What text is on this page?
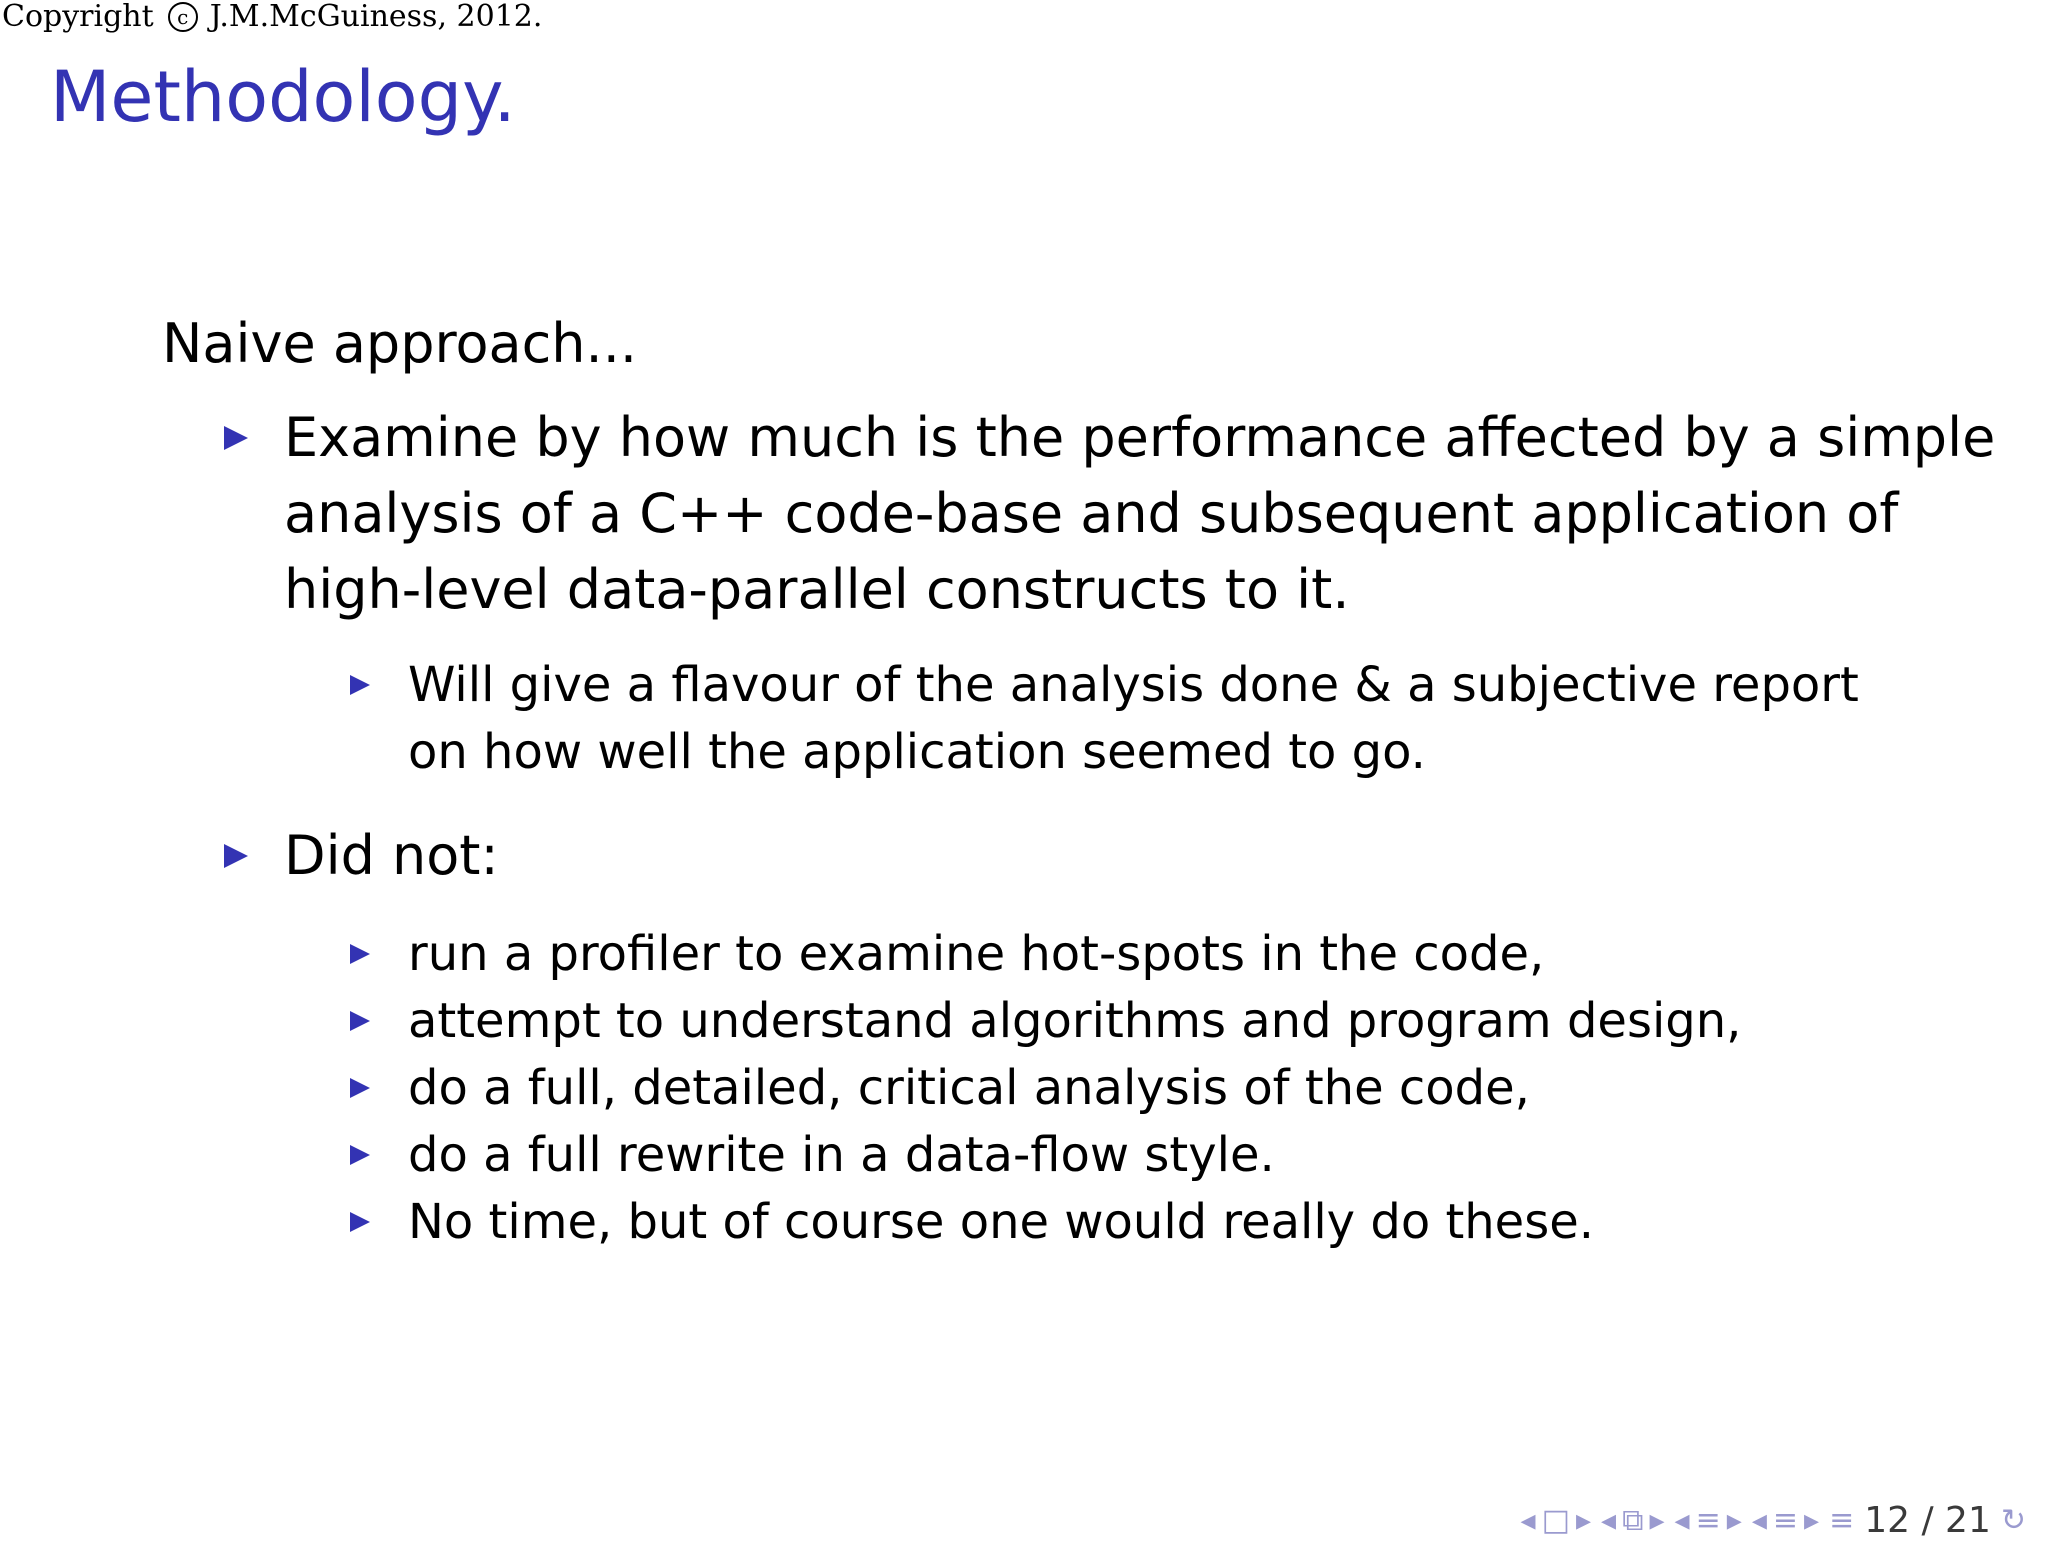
Copyright	c J.M.McGuiness, 2012.
Methodology.
Naive approach...
Examine by how much is the performance affected by a simple
analysis of a C++ code-base and subsequent application of
high-level data-parallel constructs to it.
Will give a flavour of the analysis done & a subjective report
on how well the application seemed to go.
Did not:
run a profiler to examine hot-spots in the code,
attempt to understand algorithms and program design,
do a full, detailed, critical analysis of the code,
do a full rewrite in a data-flow style.
No time, but of course one would really do these.
◂ □ ▸ ◂ ⧉ ▸ ◂ ≡ ▸ ◂ ≡ ▸ ≡ 12 / 21 ↻
